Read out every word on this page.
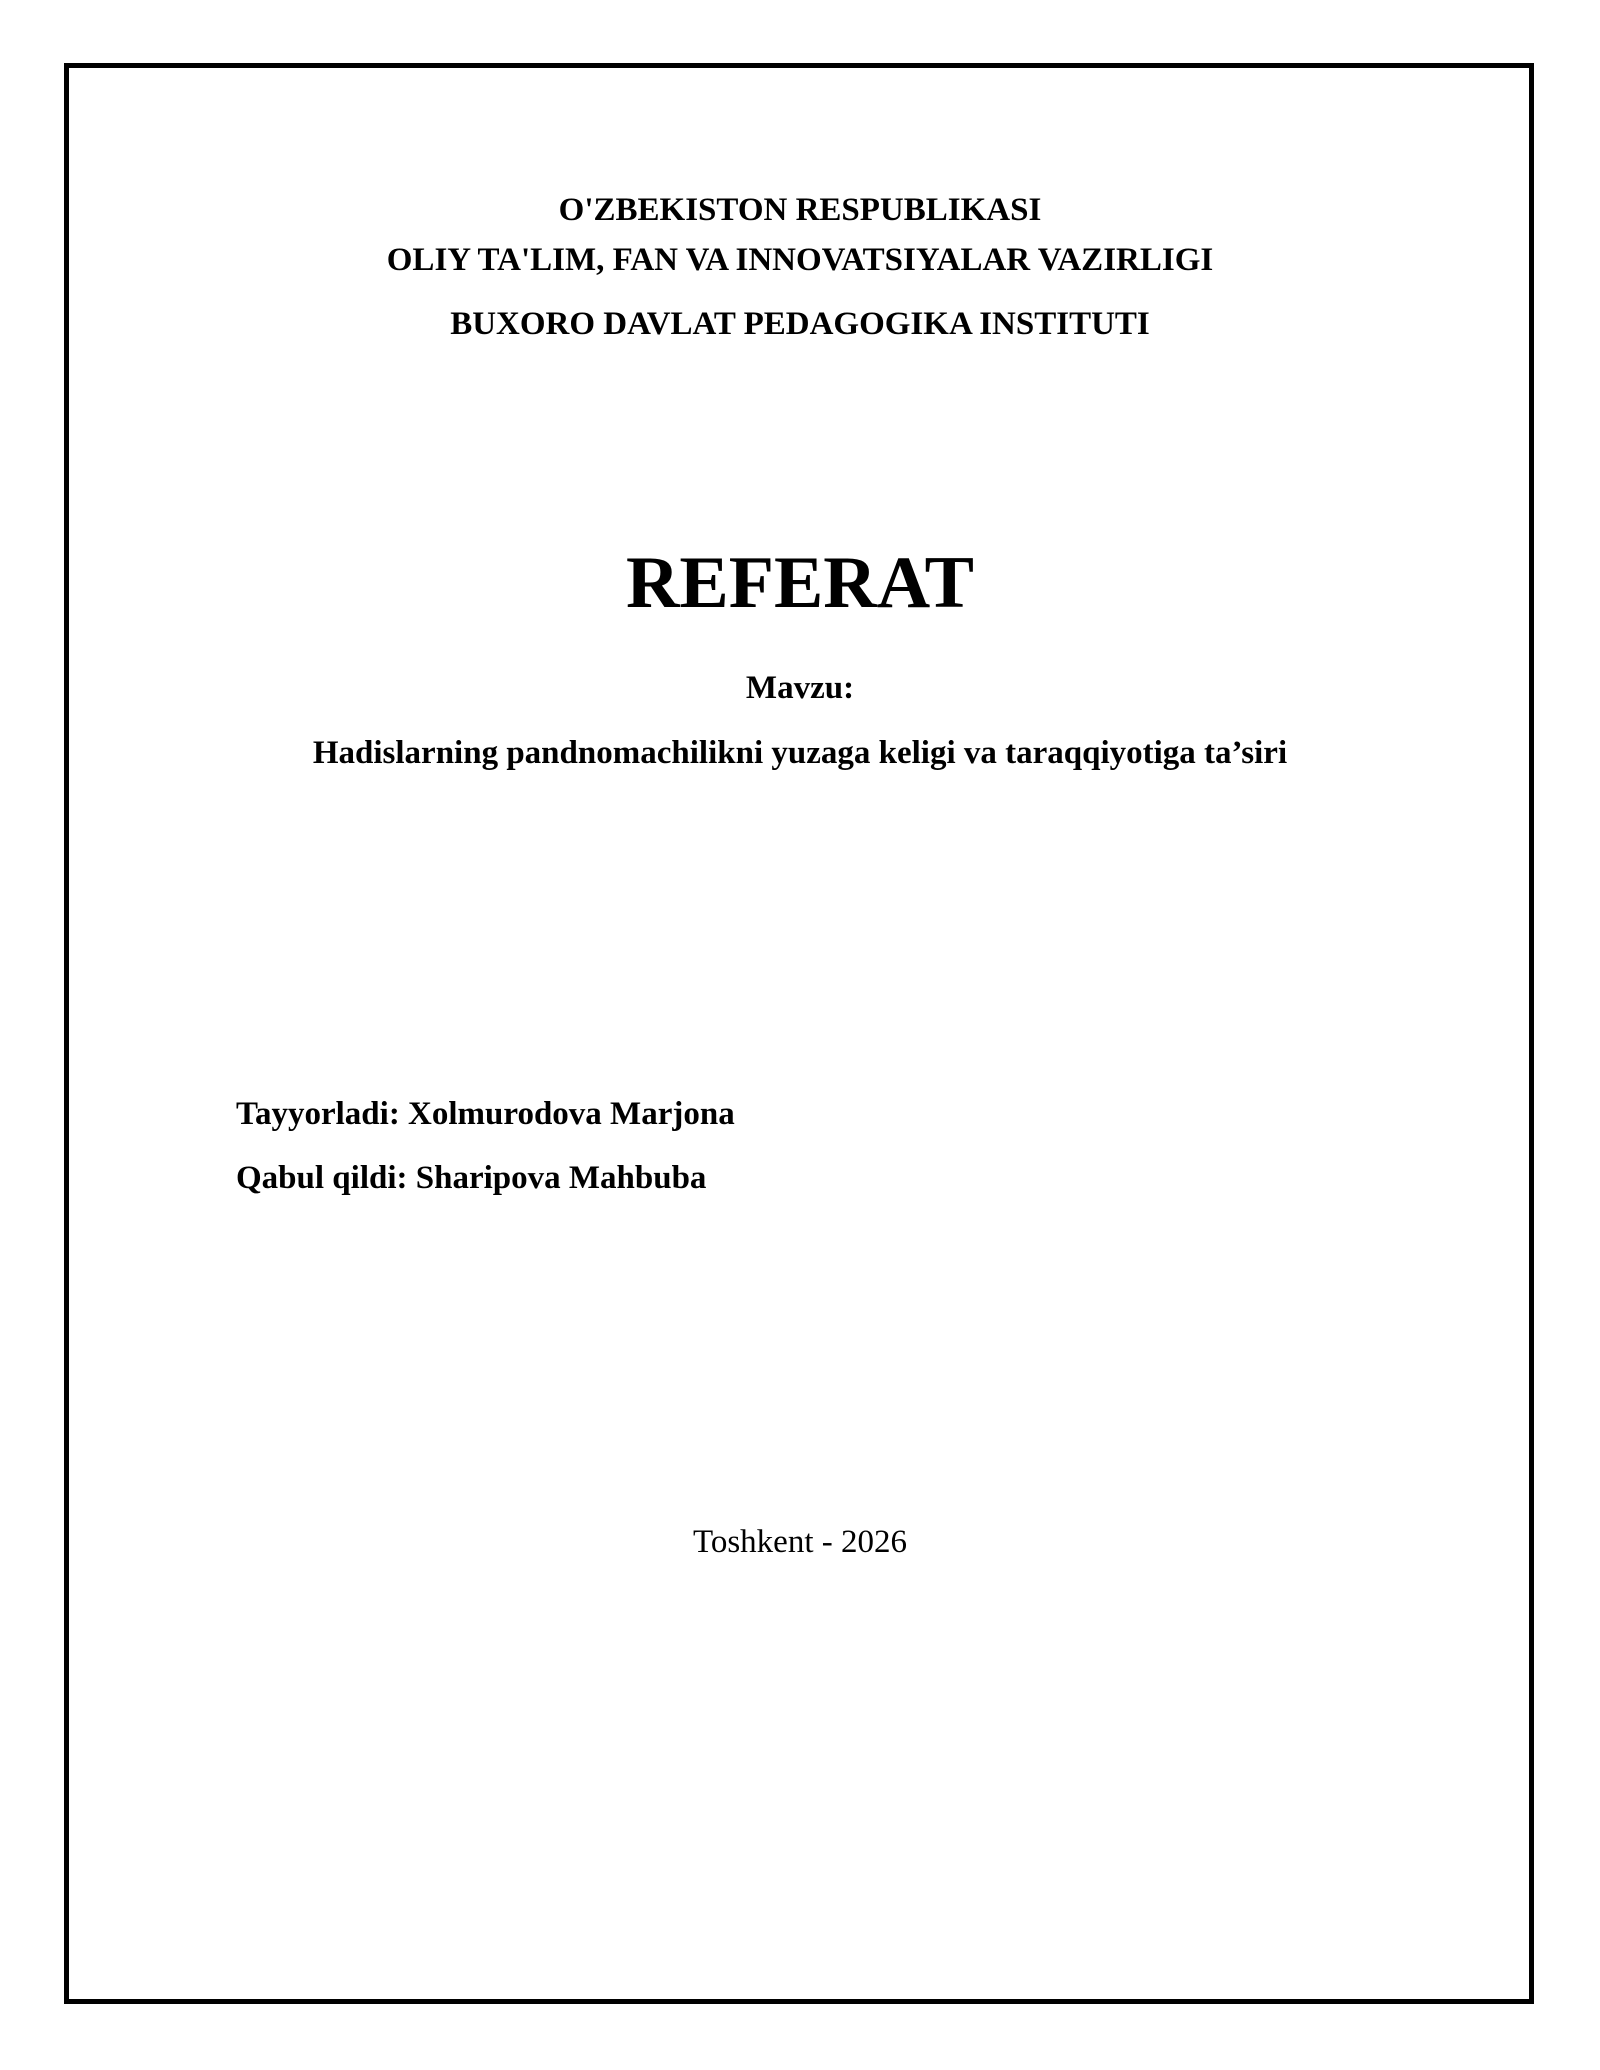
O'ZBEKISTON RESPUBLIKASI
OLIY TA'LIM, FAN VA INNOVATSIYALAR VAZIRLIGI
BUXORO DAVLAT PEDAGOGIKA INSTITUTI
REFERAT
Mavzu:
Hadislarning pandnomachilikni yuzaga keligi va taraqqiyotiga ta’siri
Tayyorladi: Xolmurodova Marjona
Qabul qildi: Sharipova Mahbuba
Toshkent - 2026
